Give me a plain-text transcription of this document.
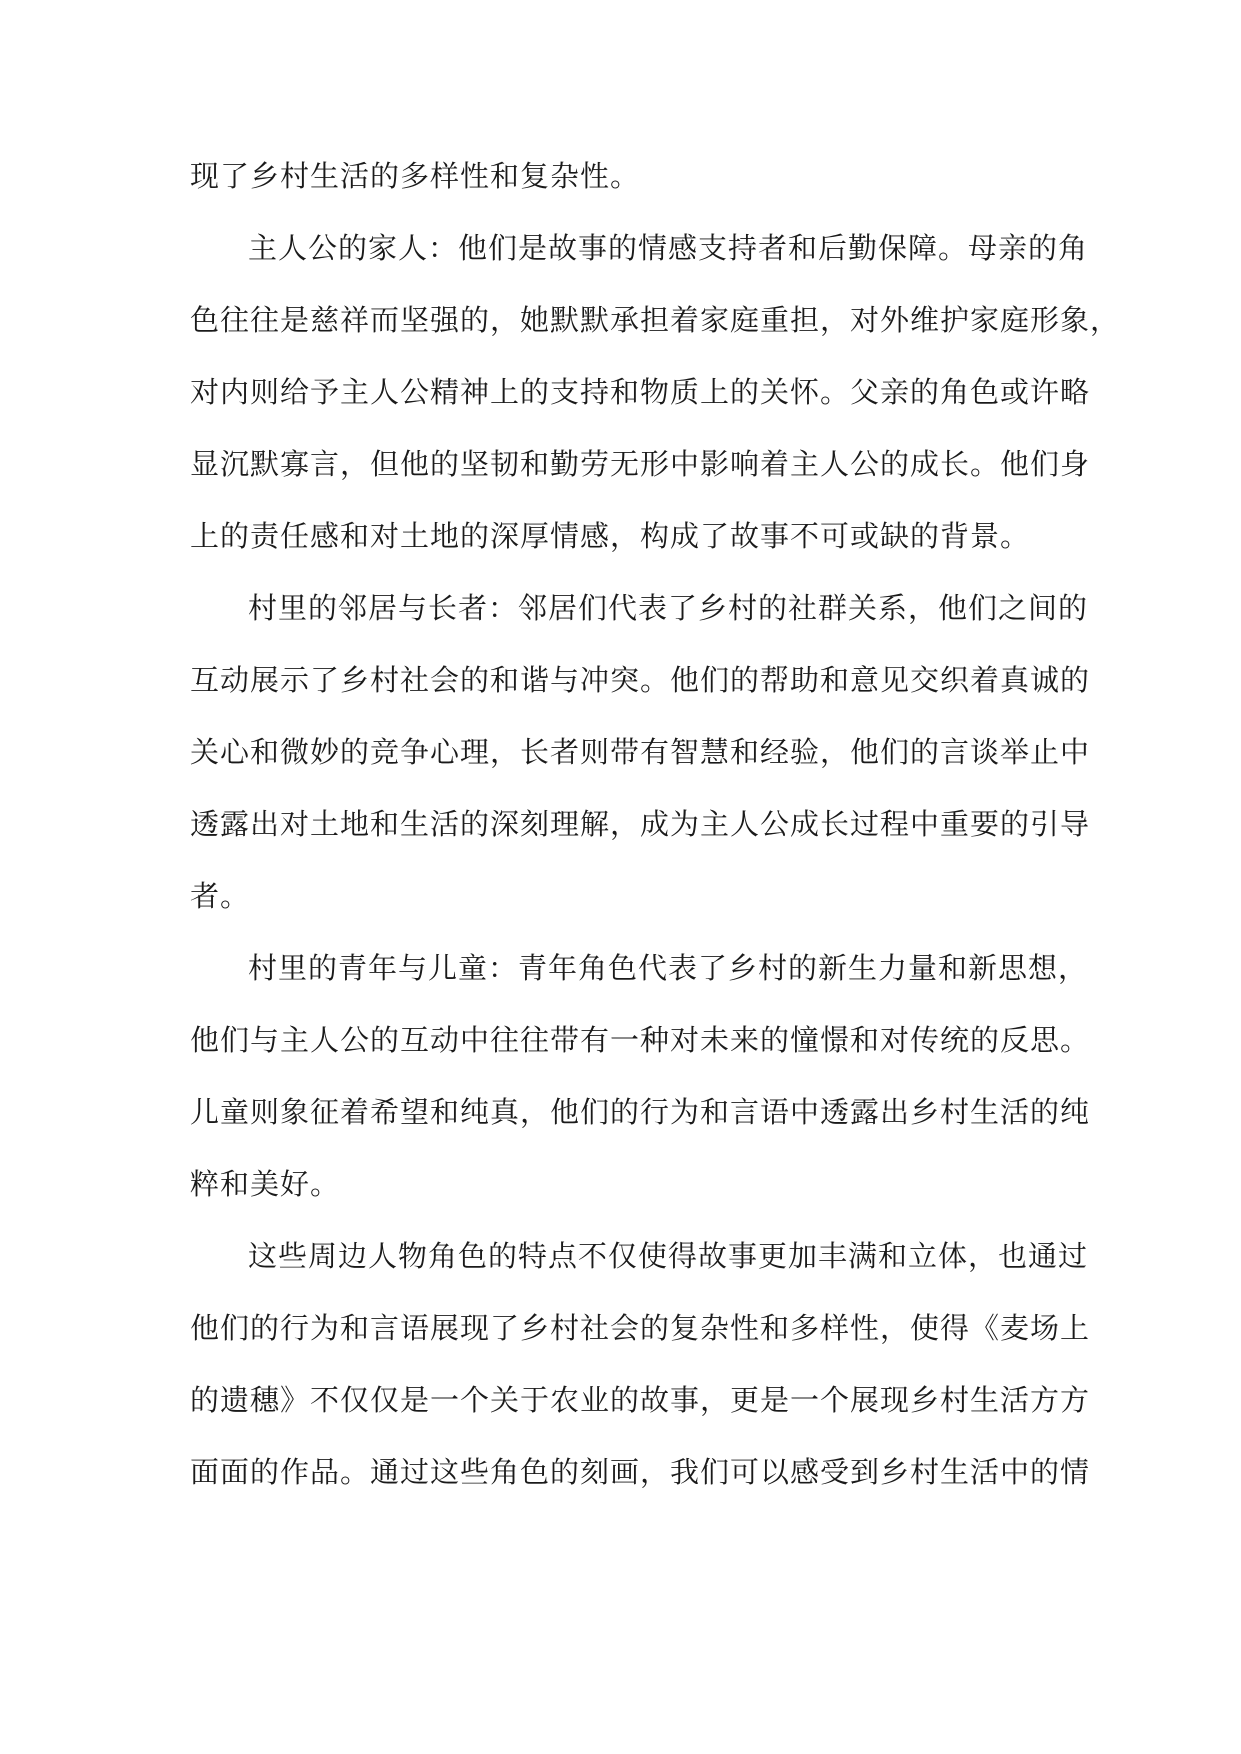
现了乡村生活的多样性和复杂性。
主人公的家人：他们是故事的情感支持者和后勤保障。母亲的角
色往往是慈祥而坚强的，她默默承担着家庭重担，对外维护家庭形象，
对内则给予主人公精神上的支持和物质上的关怀。父亲的角色或许略
显沉默寡言，但他的坚韧和勤劳无形中影响着主人公的成长。他们身
上的责任感和对土地的深厚情感，构成了故事不可或缺的背景。
村里的邻居与长者：邻居们代表了乡村的社群关系，他们之间的
互动展示了乡村社会的和谐与冲突。他们的帮助和意见交织着真诚的
关心和微妙的竞争心理，长者则带有智慧和经验，他们的言谈举止中
透露出对土地和生活的深刻理解，成为主人公成长过程中重要的引导
者。
村里的青年与儿童：青年角色代表了乡村的新生力量和新思想，
他们与主人公的互动中往往带有一种对未来的憧憬和对传统的反思。
儿童则象征着希望和纯真，他们的行为和言语中透露出乡村生活的纯
粹和美好。
这些周边人物角色的特点不仅使得故事更加丰满和立体，也通过
他们的行为和言语展现了乡村社会的复杂性和多样性，使得《麦场上
的遗穗》不仅仅是一个关于农业的故事，更是一个展现乡村生活方方
面面的作品。通过这些角色的刻画，我们可以感受到乡村生活中的情
